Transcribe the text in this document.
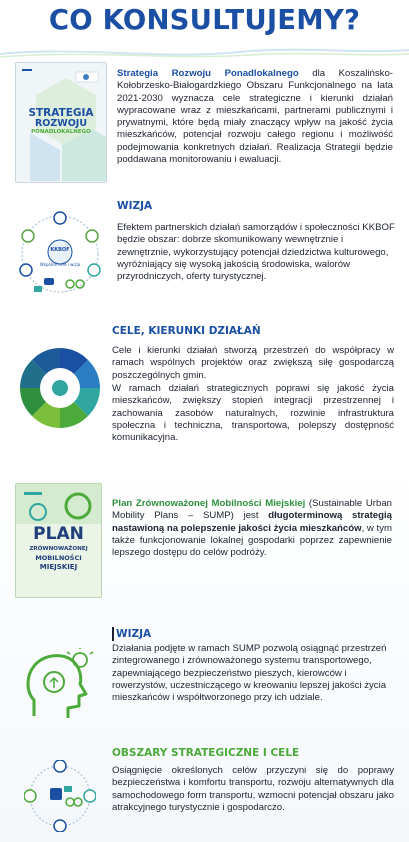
CO KONSULTUJEMY?
STRATEGIA
ROZWOJU
PONADLOKALNEGO
Strategia Rozwoju Ponadlokalnego dla Koszalińsko-Kołobrzesko-Białogardzkiego Obszaru Funkcjonalnego na lata 2021-2030 wyznacza cele strategiczne i kierunki działań wypracowane wraz z mieszkańcami, partnerami publicznymi i prywatnymi, które będą miały znaczący wpływ na jakość życia mieszkańców, potencjał rozwoju całego regionu i możliwość podejmowania konkretnych działań. Realizacja Strategii będzie poddawana monitorowaniu i ewaluacji.
WIZJA
KKBOF
Wspólne cele i wizja
Efektem partnerskich działań samorządów i społeczności KKBOF będzie obszar: dobrze skomunikowany wewnętrznie i zewnętrznie, wykorzystujący potencjał dziedzictwa kulturowego, wyróżniający się wysoką jakością środowiska, walorów przyrodniczych, oferty turystycznej.
CELE, KIERUNKI DZIAŁAŃ
Cele i kierunki działań stworzą przestrzeń do współpracy w ramach wspólnych projektów oraz zwiększą siłę gospodarczą poszczególnych gmin.
W ramach działań strategicznych poprawi się jakość życia mieszkańców, zwiększy stopień integracji przestrzennej i zachowania zasobów naturalnych, rozwinie infrastruktura społeczna i techniczna, transportowa, polepszy dostępność komunikacyjna.
PLAN
ZRÓWNOWAŻONEJ
MOBILNOŚCI
MIEJSKIEJ
Plan Zrównoważonej Mobilności Miejskiej (Sustainable Urban Mobility Plans – SUMP) jest długoterminową strategią nastawioną na polepszenie jakości życia mieszkańców, w tym także funkcjonowanie lokalnej gospodarki poprzez zapewnienie lepszego dostępu do celów podróży.
WIZJA
Działania podjęte w ramach SUMP pozwolą osiągnąć przestrzeń zintegrowanego i zrównoważonego systemu transportowego, zapewniającego bezpieczeństwo pieszych, kierowców i rowerzystów, uczestniczącego w kreowaniu lepszej jakości życia mieszkańców i współtworzonego przy ich udziale.
OBSZARY STRATEGICZNE I CELE
Osiągnięcie określonych celów przyczyni się do poprawy bezpieczeństwa i komfortu transportu, rozwoju alternatywnych dla samochodowego form transportu, wzmocni potencjał obszaru jako atrakcyjnego turystycznie i gospodarczo.
